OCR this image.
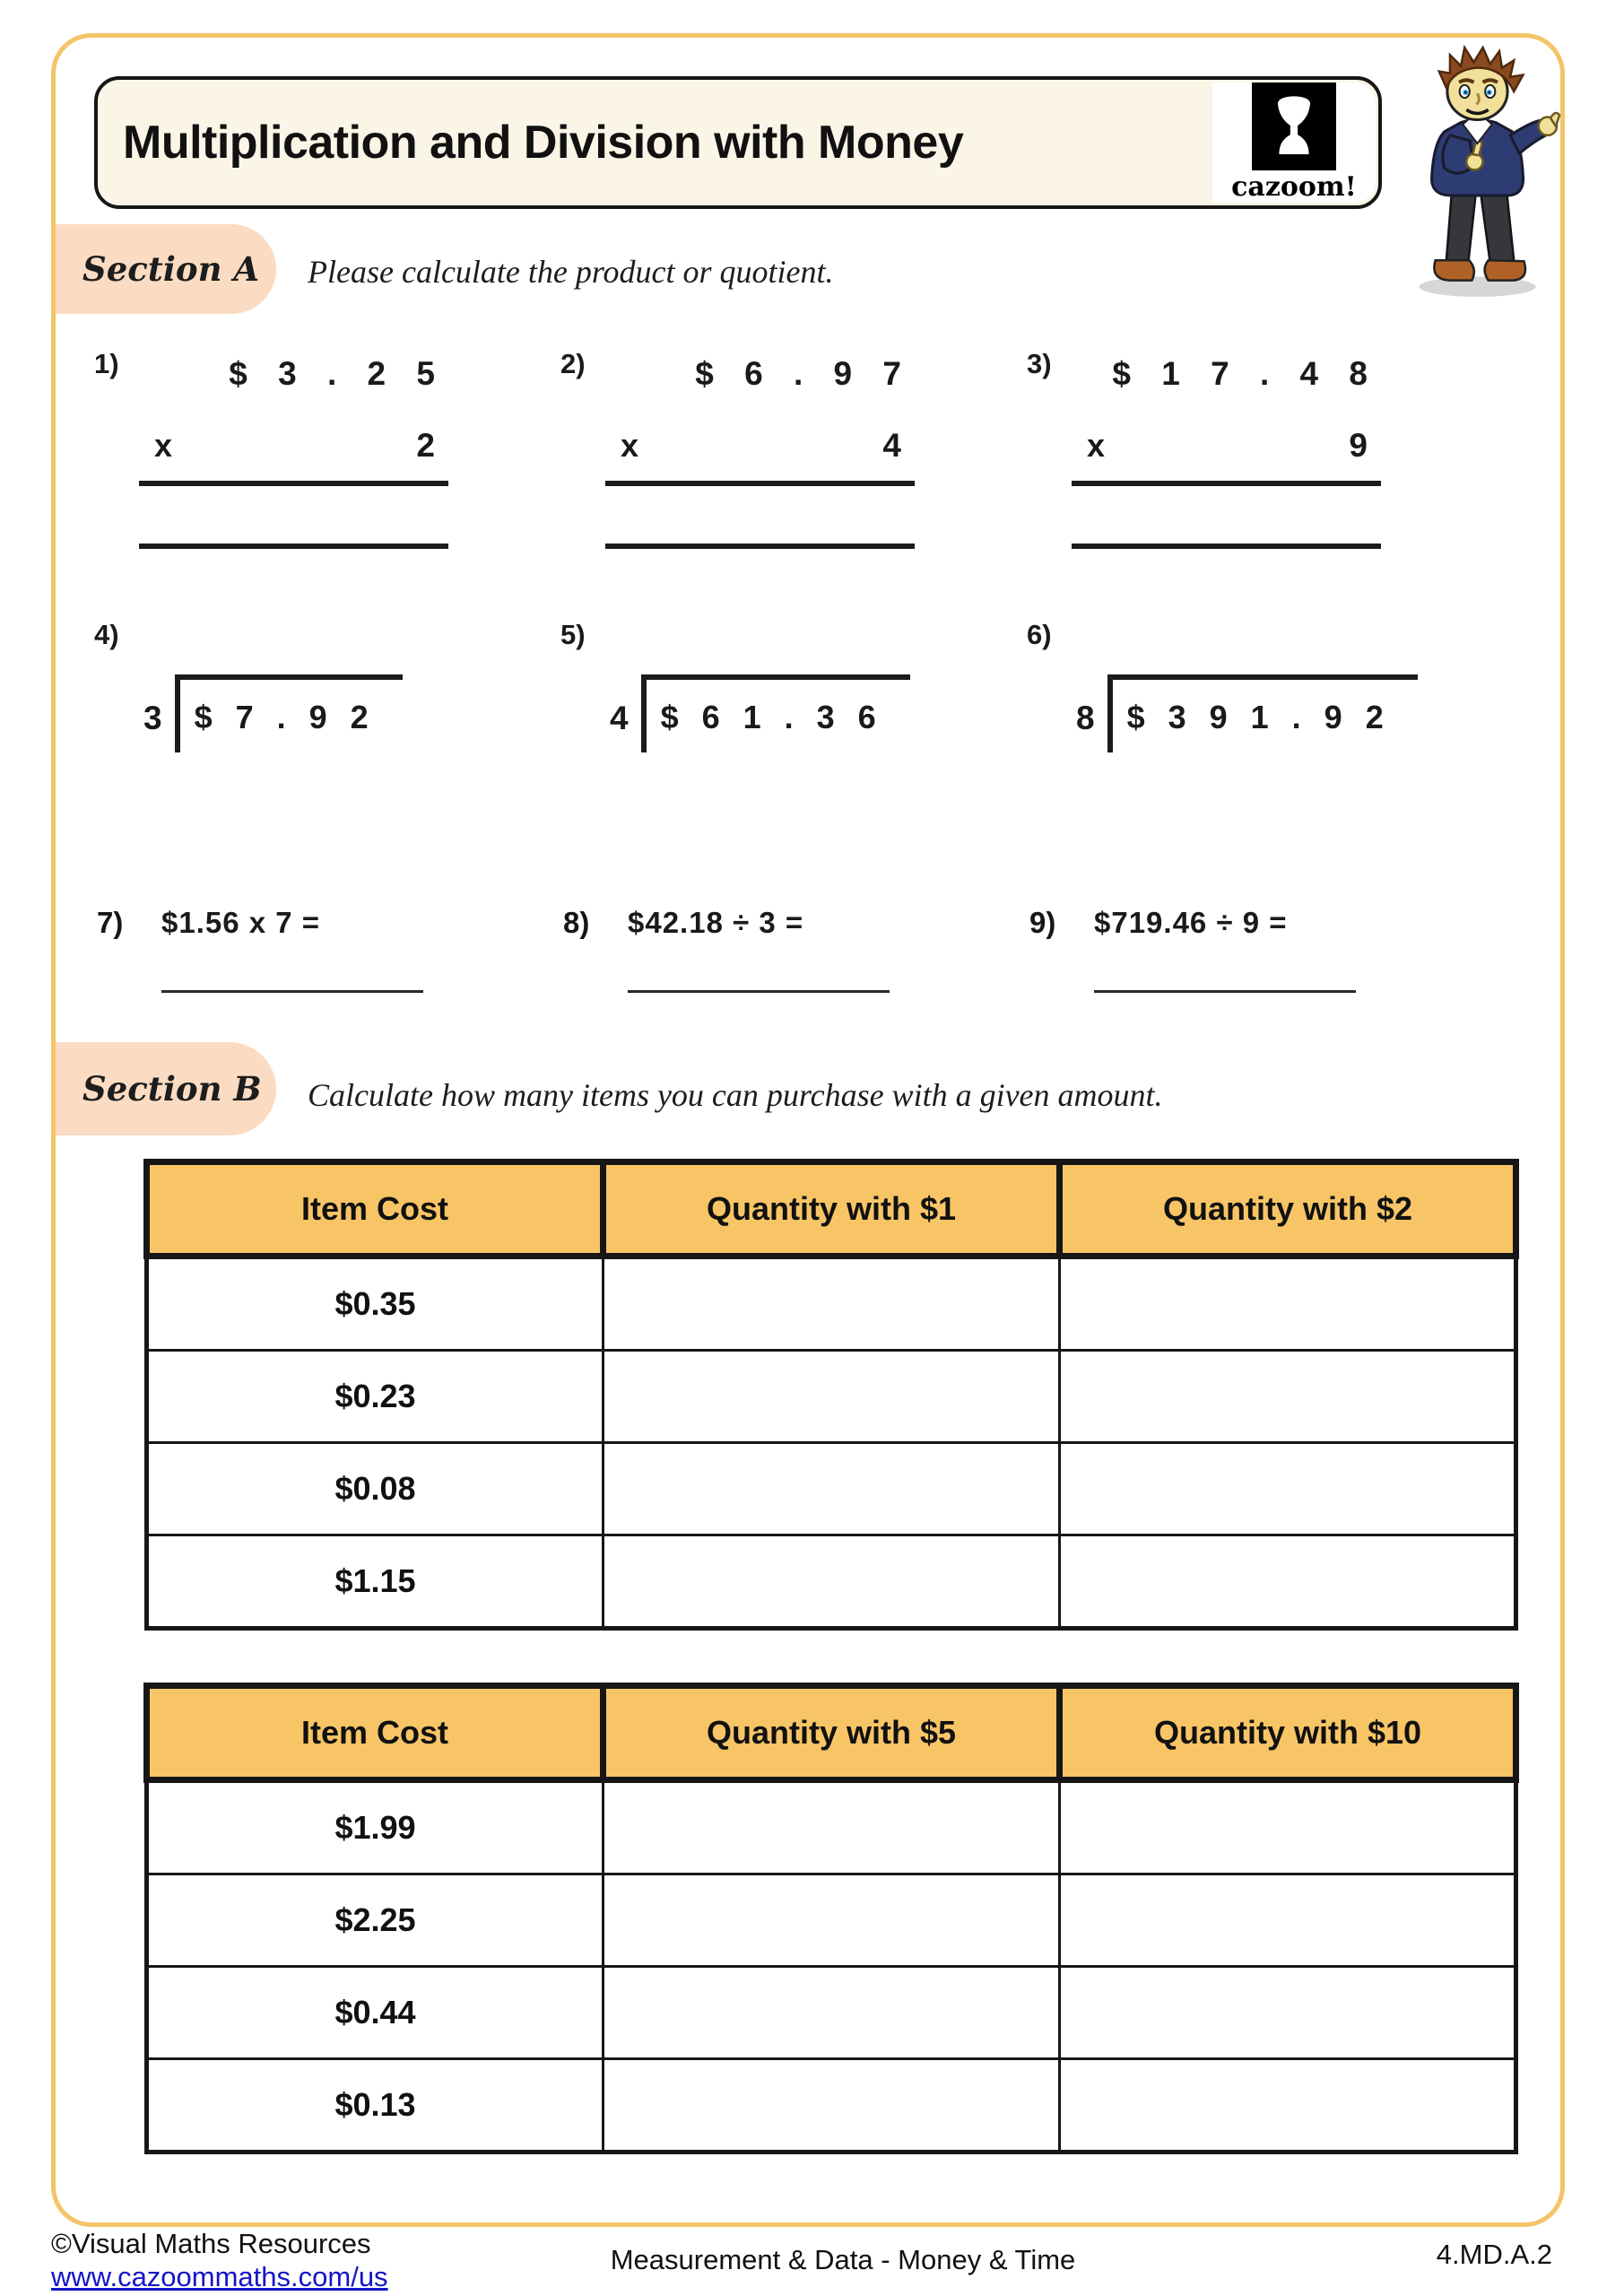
Multiplication and Division with Money
cazoom!
Section A Please calculate the product or quotient.
1)	$ 3 . 2 5
x	2
2)	$ 6 . 9 7
x	4
3) $ 1 7 . 4 8
x	9
4)
3	$ 7 . 9 2
5)
4	$ 6 1 . 3 6
6)
8	$ 3 9 1 . 9 2
7) $1.56 x 7 =	8) $42.18 ÷ 3 =	9) $719.46 ÷ 9 =
Section B Calculate how many items you can purchase with a given amount.
Item Cost	Quantity with $1	Quantity with $2
$0.35		
$0.23		
$0.08		
$1.15		
Item Cost	Quantity with $5	Quantity with $10
$1.99		
$2.25		
$0.44		
$0.13		
©Visual Maths Resources
www.cazoommaths.com/us
Measurement & Data - Money & Time	4.MD.A.2
